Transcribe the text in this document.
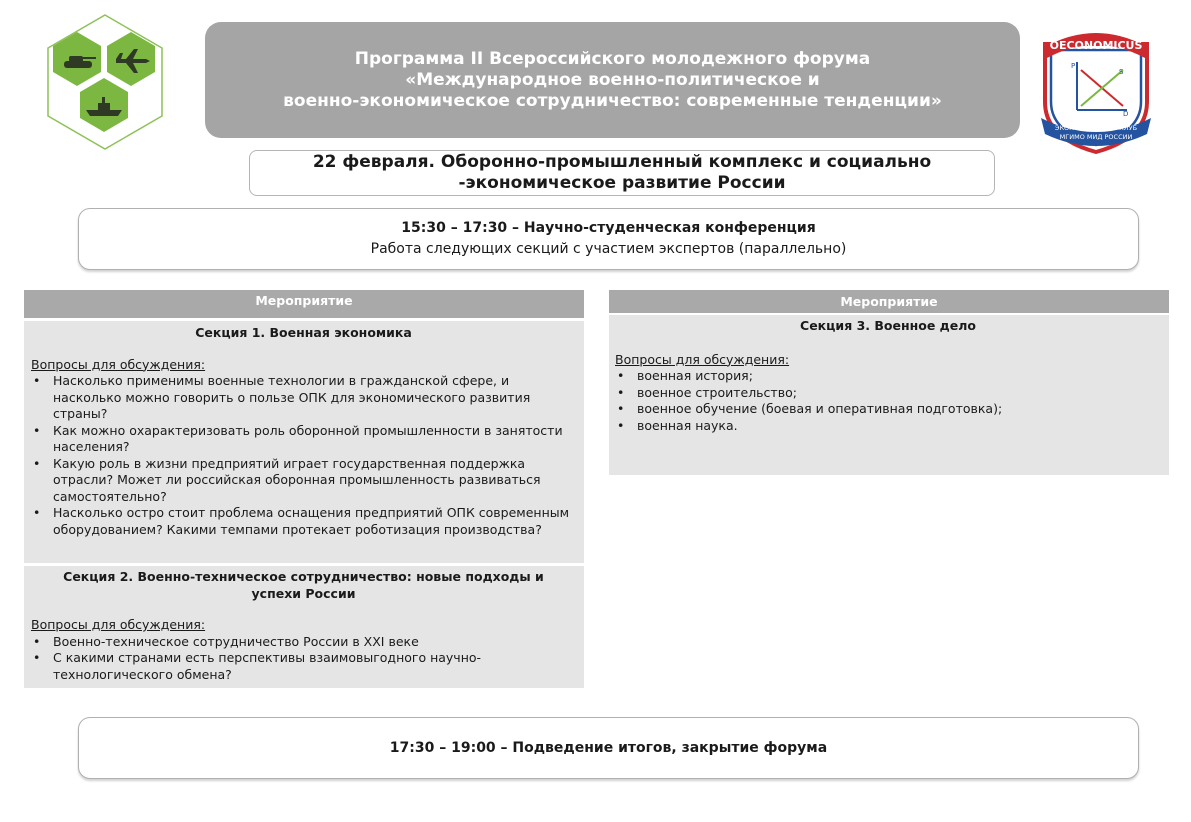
Программа II Всероссийского молодежного форума
«Международное военно-политическое и
военно-экономическое сотрудничество: современные тенденции»
OECONOMICUS
P
S
D
ЭКОНОМИЧЕСКИЙ КЛУБ
МГИМО МИД РОССИИ
22 февраля. Оборонно-промышленный комплекс и социально
-экономическое развитие России
15:30 – 17:30 – Научно-студенческая конференция
Работа следующих секций с участием экспертов (параллельно)
Мероприятие
Секция 1. Военная экономика
Вопросы для обсуждения:
• Насколько применимы военные технологии в гражданской сфере, и насколько можно говорить о пользе ОПК для экономического развития страны?
• Как можно охарактеризовать роль оборонной промышленности в занятости населения?
• Какую роль в жизни предприятий играет государственная поддержка отрасли? Может ли российская оборонная промышленность развиваться самостоятельно?
• Насколько остро стоит проблема оснащения предприятий ОПК современным оборудованием? Какими темпами протекает роботизация производства?
Секция 2. Военно-техническое сотрудничество: новые подходы и успехи России
Вопросы для обсуждения:
• Военно-техническое сотрудничество России в XXI веке
• С какими странами есть перспективы взаимовыгодного научно-технологического обмена?
Мероприятие
Секция 3. Военное дело
Вопросы для обсуждения:
• военная история;
• военное строительство;
• военное обучение (боевая и оперативная подготовка);
• военная наука.
17:30 – 19:00 – Подведение итогов, закрытие форума
